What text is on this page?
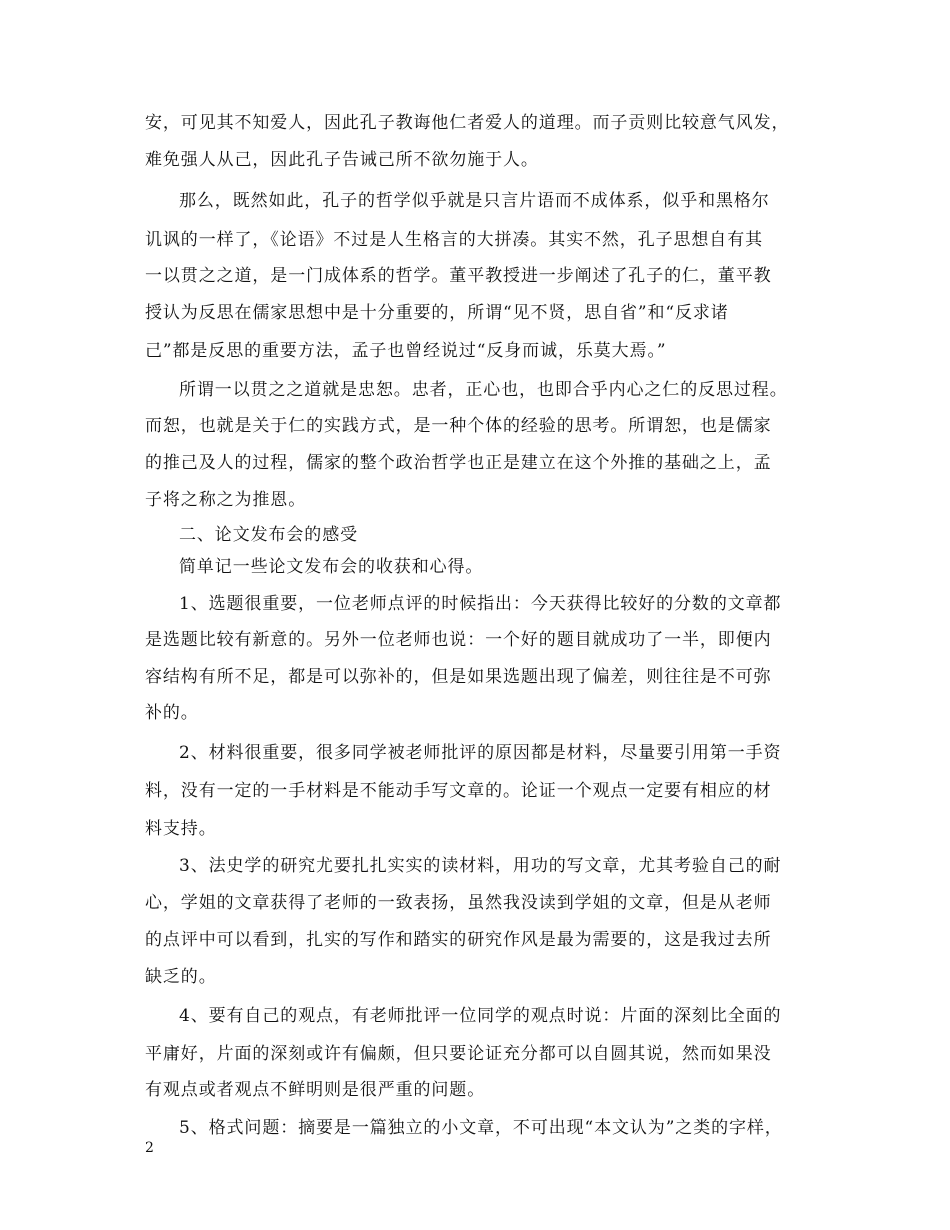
安，可见其不知爱人，因此孔子教诲他仁者爱人的道理。而子贡则比较意气风发，
难免强人从己，因此孔子告诫己所不欲勿施于人。
那么，既然如此，孔子的哲学似乎就是只言片语而不成体系，似乎和黑格尔
讥讽的一样了，《论语》不过是人生格言的大拼凑。其实不然，孔子思想自有其
一以贯之之道，是一门成体系的哲学。董平教授进一步阐述了孔子的仁，董平教
授认为反思在儒家思想中是十分重要的，所谓“见不贤，思自省”和“反求诸
己”都是反思的重要方法，孟子也曾经说过“反身而诚，乐莫大焉。”
所谓一以贯之之道就是忠恕。忠者，正心也，也即合乎内心之仁的反思过程。
而恕，也就是关于仁的实践方式，是一种个体的经验的思考。所谓恕，也是儒家
的推己及人的过程，儒家的整个政治哲学也正是建立在这个外推的基础之上，孟
子将之称之为推恩。
二、论文发布会的感受
简单记一些论文发布会的收获和心得。
1、选题很重要，一位老师点评的时候指出：今天获得比较好的分数的文章都
是选题比较有新意的。另外一位老师也说：一个好的题目就成功了一半，即便内
容结构有所不足，都是可以弥补的，但是如果选题出现了偏差，则往往是不可弥
补的。
2、材料很重要，很多同学被老师批评的原因都是材料，尽量要引用第一手资
料，没有一定的一手材料是不能动手写文章的。论证一个观点一定要有相应的材
料支持。
3、法史学的研究尤要扎扎实实的读材料，用功的写文章，尤其考验自己的耐
心，学姐的文章获得了老师的一致表扬，虽然我没读到学姐的文章，但是从老师
的点评中可以看到，扎实的写作和踏实的研究作风是最为需要的，这是我过去所
缺乏的。
4、要有自己的观点，有老师批评一位同学的观点时说：片面的深刻比全面的
平庸好，片面的深刻或许有偏颇，但只要论证充分都可以自圆其说，然而如果没
有观点或者观点不鲜明则是很严重的问题。
5、格式问题：摘要是一篇独立的小文章，不可出现“本文认为”之类的字样，
2
